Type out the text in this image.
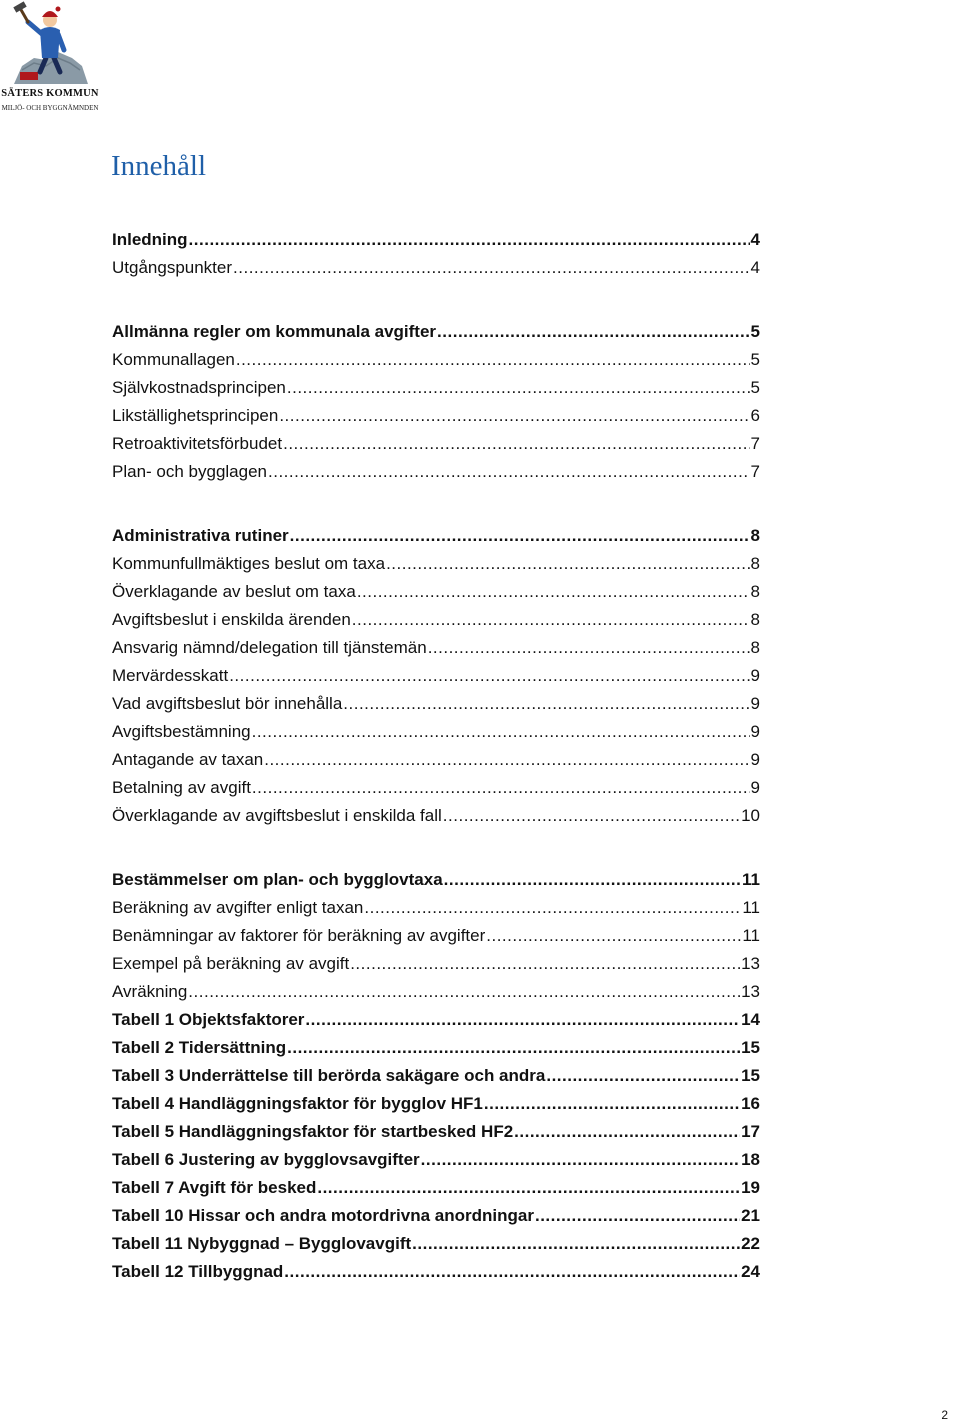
SÄTERS KOMMUN
MILJÖ- OCH BYGGNÄMNDEN
Innehåll
Inledning .....	4
Utgångspunkter .....	4
Allmänna regler om kommunala avgifter .....	5
Kommunallagen .....	5
Självkostnadsprincipen .....	5
Likställighetsprincipen .....	6
Retroaktivitetsförbudet .....	7
Plan- och bygglagen .....	7
Administrativa rutiner .....	8
Kommunfullmäktiges beslut om taxa .....	8
Överklagande av beslut om taxa .....	8
Avgiftsbeslut i enskilda ärenden .....	8
Ansvarig nämnd/delegation till tjänstemän .....	8
Mervärdesskatt .....	9
Vad avgiftsbeslut bör innehålla .....	9
Avgiftsbestämning .....	9
Antagande av taxan .....	9
Betalning av avgift .....	9
Överklagande av avgiftsbeslut i enskilda fall .....	10
Bestämmelser om plan- och bygglovtaxa .....	11
Beräkning av avgifter enligt taxan .....	11
Benämningar av faktorer för beräkning av avgifter .....	11
Exempel på beräkning av avgift .....	13
Avräkning .....	13
Tabell 1 Objektsfaktorer .....	14
Tabell 2 Tidersättning .....	15
Tabell 3 Underrättelse till berörda sakägare och andra .....	15
Tabell 4 Handläggningsfaktor för bygglov HF1 .....	16
Tabell 5 Handläggningsfaktor för startbesked HF2 .....	17
Tabell 6 Justering av bygglovsavgifter .....	18
Tabell 7 Avgift för besked .....	19
Tabell 10 Hissar och andra motordrivna anordningar .....	21
Tabell 11 Nybyggnad – Bygglovavgift .....	22
Tabell 12 Tillbyggnad .....	24
2
